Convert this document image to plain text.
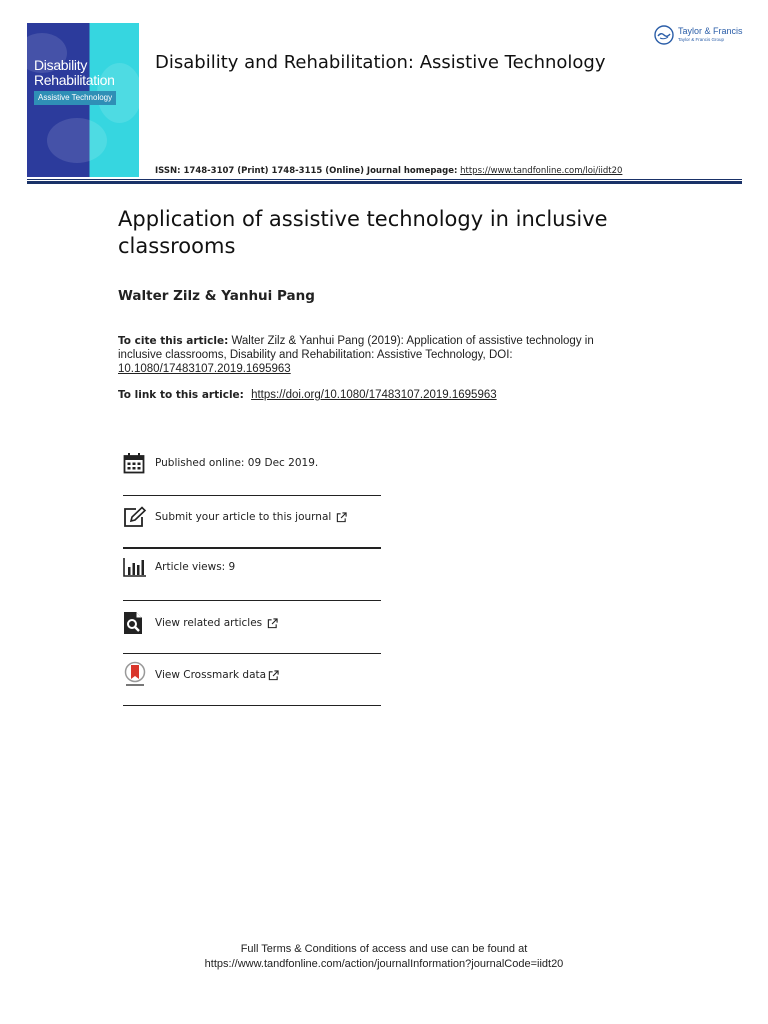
Disability
Rehabilitation
Assistive Technology
Disability and Rehabilitation: Assistive Technology
ISSN: 1748-3107 (Print) 1748-3115 (Online) Journal homepage: https://www.tandfonline.com/loi/iidt20
Taylor & Francis
Taylor & Francis Group
Application of assistive technology in inclusive classrooms
Walter Zilz & Yanhui Pang
To cite this article: Walter Zilz & Yanhui Pang (2019): Application of assistive technology in inclusive classrooms, Disability and Rehabilitation: Assistive Technology, DOI:
10.1080/17483107.2019.1695963
To link to this article: https://doi.org/10.1080/17483107.2019.1695963
Published online: 09 Dec 2019.
Submit your article to this journal
Article views: 9
View related articles
View Crossmark data
Full Terms & Conditions of access and use can be found at
https://www.tandfonline.com/action/journalInformation?journalCode=iidt20
